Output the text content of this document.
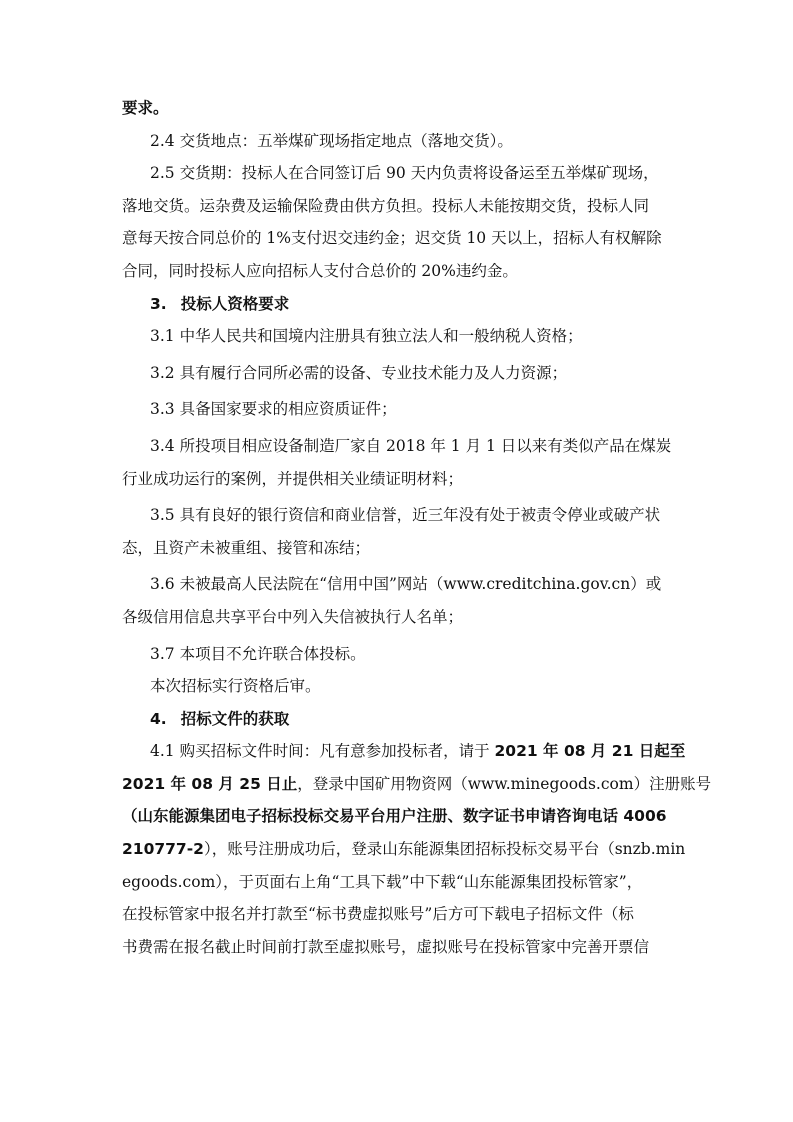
要求。
2.4 交货地点：五举煤矿现场指定地点（落地交货）。
2.5 交货期：投标人在合同签订后 90 天内负责将设备运至五举煤矿现场，
落地交货。运杂费及运输保险费由供方负担。投标人未能按期交货，投标人同
意每天按合同总价的 1%支付迟交违约金；迟交货 10 天以上，招标人有权解除
合同，同时投标人应向招标人支付合总价的 20%违约金。
3. 投标人资格要求
3.1 中华人民共和国境内注册具有独立法人和一般纳税人资格；
3.2 具有履行合同所必需的设备、专业技术能力及人力资源；
3.3 具备国家要求的相应资质证件；
3.4 所投项目相应设备制造厂家自 2018 年 1 月 1 日以来有类似产品在煤炭
行业成功运行的案例，并提供相关业绩证明材料；
3.5 具有良好的银行资信和商业信誉，近三年没有处于被责令停业或破产状
态，且资产未被重组、接管和冻结；
3.6 未被最高人民法院在“信用中国”网站（www.creditchina.gov.cn）或
各级信用信息共享平台中列入失信被执行人名单；
3.7 本项目不允许联合体投标。
本次招标实行资格后审。
4. 招标文件的获取
4.1 购买招标文件时间：凡有意参加投标者，请于 2021 年 08 月 21 日起至
2021 年 08 月 25 日止，登录中国矿用物资网（www.minegoods.com）注册账号
（山东能源集团电子招标投标交易平台用户注册、数字证书申请咨询电话 4006
210777-2），账号注册成功后，登录山东能源集团招标投标交易平台（snzb.min
egoods.com），于页面右上角“工具下载”中下载“山东能源集团投标管家”，
在投标管家中报名并打款至“标书费虚拟账号”后方可下载电子招标文件（标
书费需在报名截止时间前打款至虚拟账号，虚拟账号在投标管家中完善开票信
